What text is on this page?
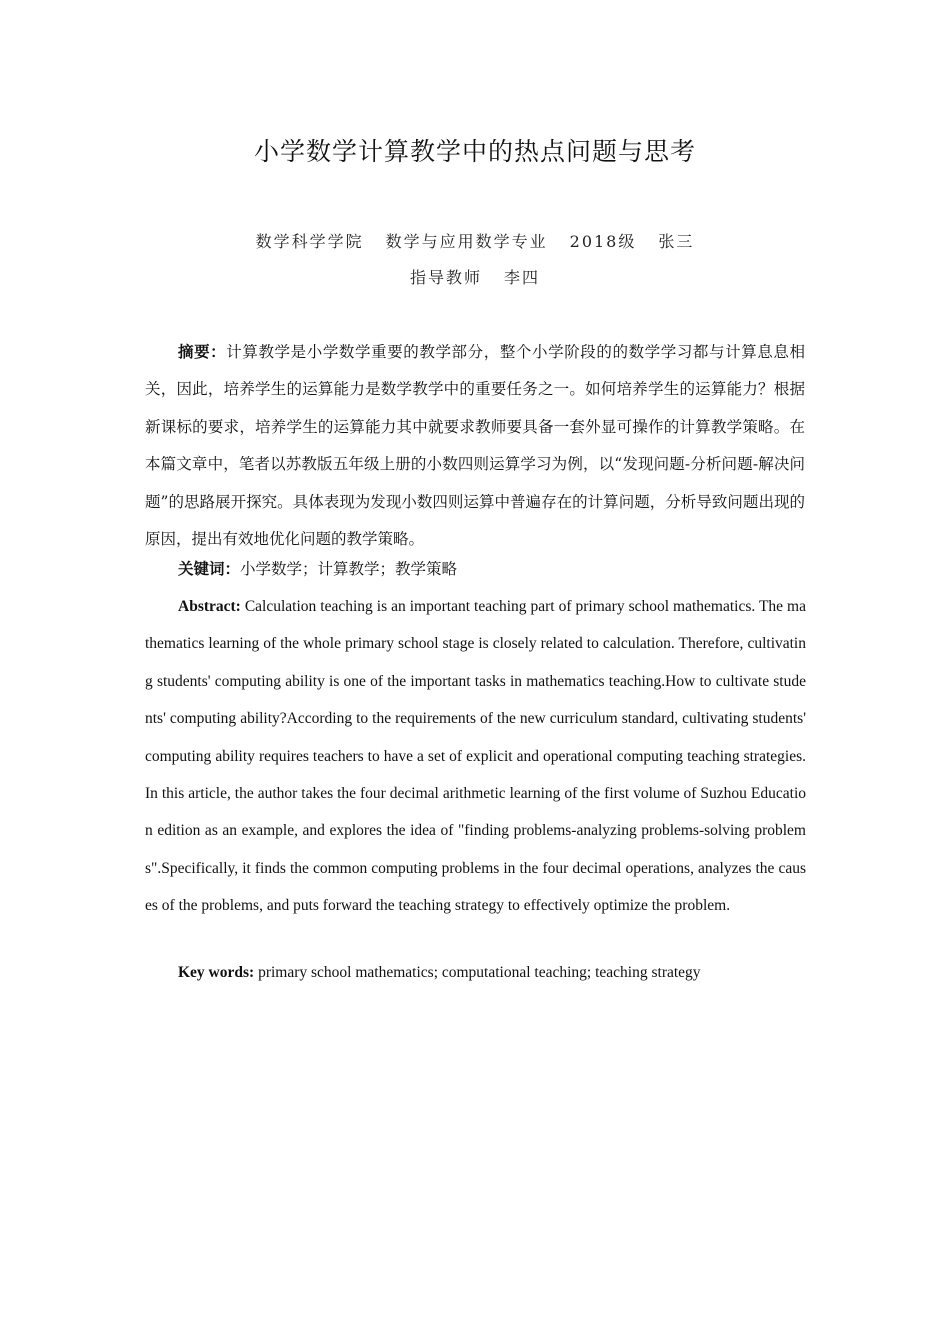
小学数学计算教学中的热点问题与思考
数学科学学院 数学与应用数学专业 2018级 张三
指导教师 李四

摘要：计算教学是小学数学重要的教学部分，整个小学阶段的的数学学习都与计算息息相关，因此，培养学生的运算能力是数学教学中的重要任务之一。如何培养学生的运算能力？根据新课标的要求，培养学生的运算能力其中就要求教师要具备一套外显可操作的计算教学策略。在本篇文章中，笔者以苏教版五年级上册的小数四则运算学习为例，以“发现问题-分析问题-解决问题”的思路展开探究。具体表现为发现小数四则运算中普遍存在的计算问题，分析导致问题出现的原因，提出有效地优化问题的教学策略。

关键词：小学数学；计算教学；教学策略

Abstract: Calculation teaching is an important teaching part of primary school mathematics. The mathematics learning of the whole primary school stage is closely related to calculation. Therefore, cultivating students' computing ability is one of the important tasks in mathematics teaching.How to cultivate students' computing ability?According to the requirements of the new curriculum standard, cultivating students' computing ability requires teachers to have a set of explicit and operational computing teaching strategies.In this article, the author takes the four decimal arithmetic learning of the first volume of Suzhou Education edition as an example, and explores the idea of "finding problems-analyzing problems-solving problems".Specifically, it finds the common computing problems in the four decimal operations, analyzes the causes of the problems, and puts forward the teaching strategy to effectively optimize the problem.

Key words: primary school mathematics; computational teaching; teaching strategy
